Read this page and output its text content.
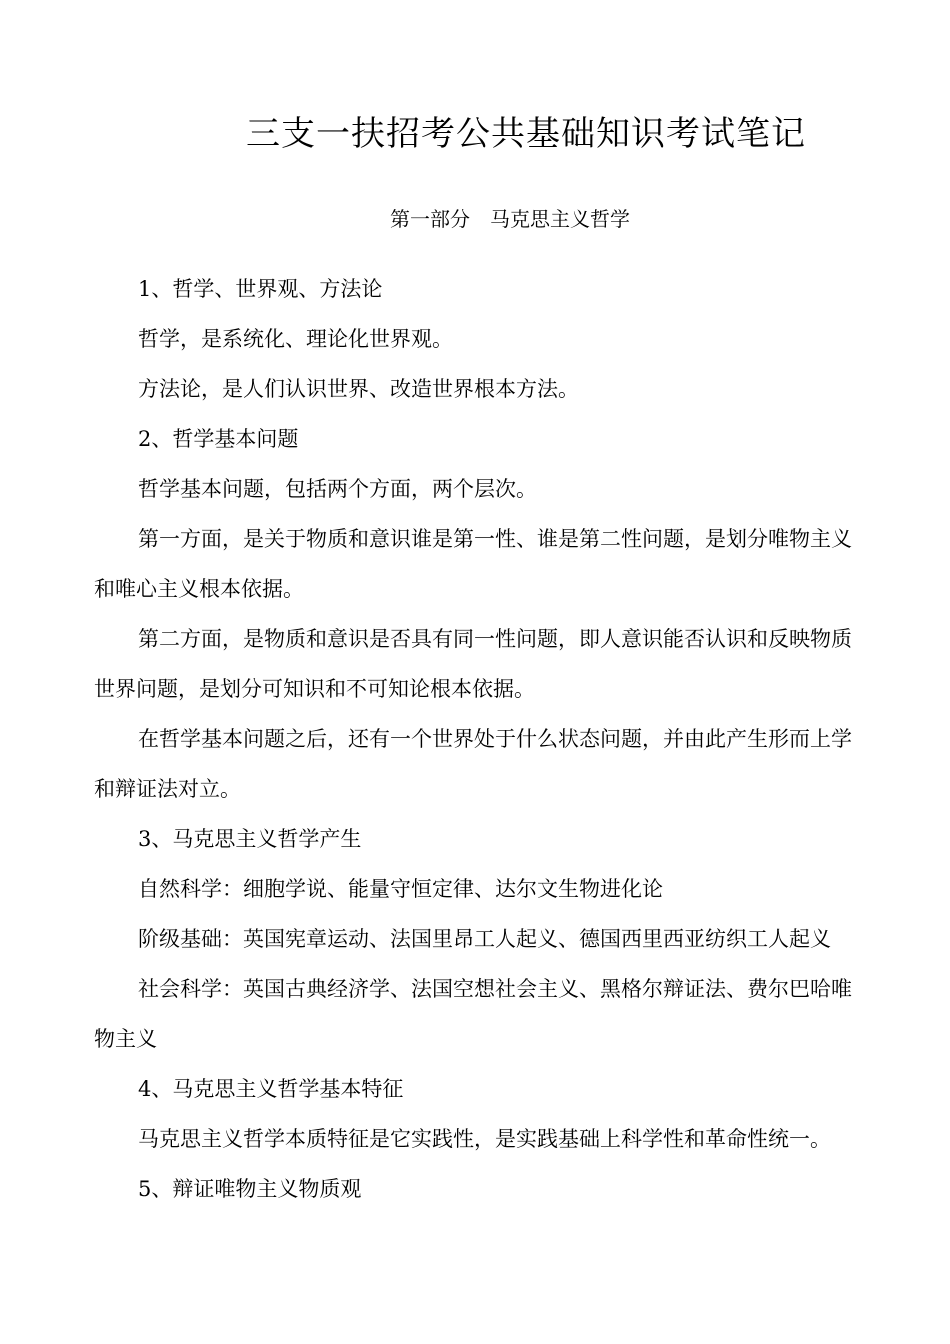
三支一扶招考公共基础知识考试笔记
第一部分　马克思主义哲学
1、哲学、世界观、方法论
哲学，是系统化、理论化世界观。
方法论，是人们认识世界、改造世界根本方法。
2、哲学基本问题
哲学基本问题，包括两个方面，两个层次。
第一方面，是关于物质和意识谁是第一性、谁是第二性问题，是划分唯物主义
和唯心主义根本依据。
第二方面，是物质和意识是否具有同一性问题，即人意识能否认识和反映物质
世界问题，是划分可知识和不可知论根本依据。
在哲学基本问题之后，还有一个世界处于什么状态问题，并由此产生形而上学
和辩证法对立。
3、马克思主义哲学产生
自然科学：细胞学说、能量守恒定律、达尔文生物进化论
阶级基础：英国宪章运动、法国里昂工人起义、德国西里西亚纺织工人起义
社会科学：英国古典经济学、法国空想社会主义、黑格尔辩证法、费尔巴哈唯
物主义
4、马克思主义哲学基本特征
马克思主义哲学本质特征是它实践性，是实践基础上科学性和革命性统一。
5、辩证唯物主义物质观
